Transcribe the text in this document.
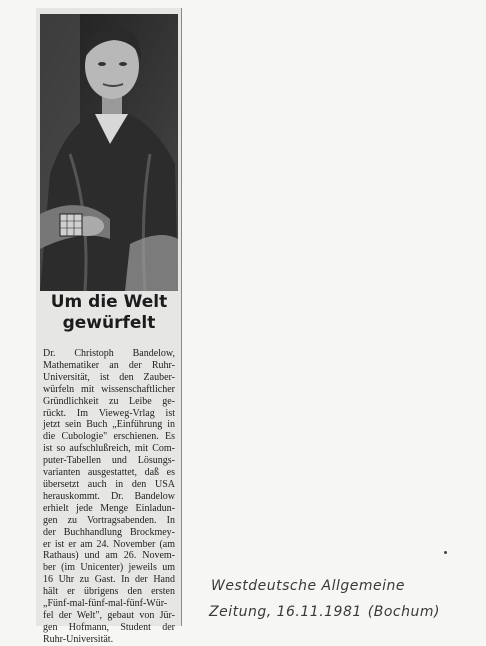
Um die Welt
gewürfelt

Dr. Christoph Bandelow,
Mathematiker an der Ruhr-
Universität, ist den Zauber-
würfeln mit wissenschaftlicher
Gründlichkeit zu Leibe ge-
rückt. Im Vieweg-Vrlag ist
jetzt sein Buch „Einführung in
die Cubologie" erschienen. Es
ist so aufschlußreich, mit Com-
puter-Tabellen und Lösungs-
varianten ausgestattet, daß es
übersetzt auch in den USA
herauskommt. Dr. Bandelow
erhielt jede Menge Einladun-
gen zu Vortragsabenden. In
der Buchhandlung Brockmey-
er ist er am 24. November (am
Rathaus) und am 26. Novem-
ber (im Unicenter) jeweils um
16 Uhr zu Gast. In der Hand
hält er übrigens den ersten
„Fünf-mal-fünf-mal-fünf-Wür-
fel der Welt", gebaut von Jür-
gen Hofmann, Student der
Ruhr-Universität.

Westdeutsche Allgemeine
Zeitung, 16.11.1981 (Bochum)
